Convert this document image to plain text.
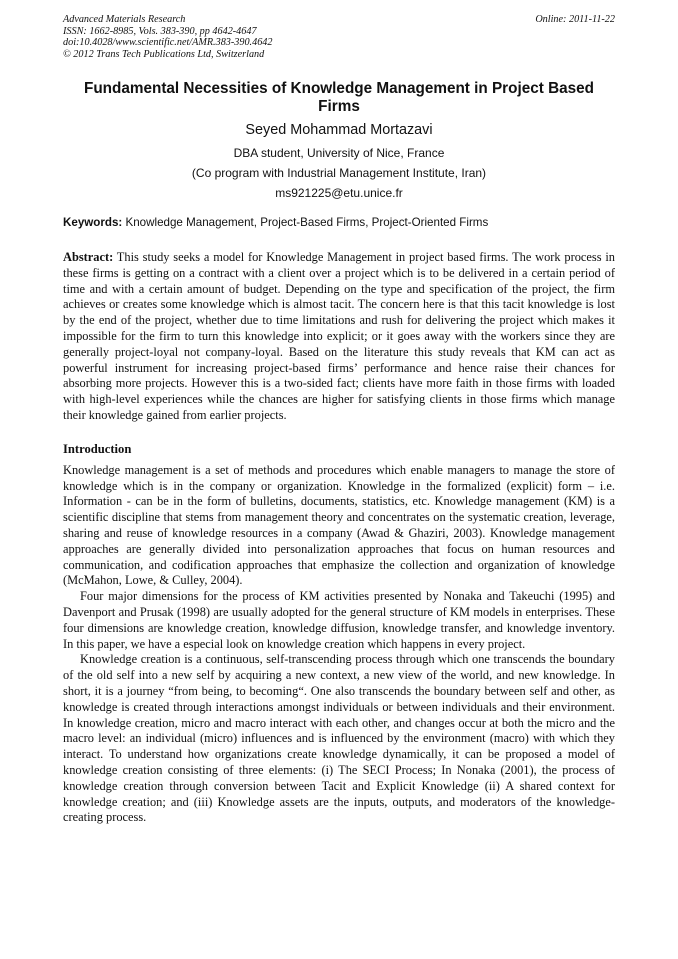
Advanced Materials Research
ISSN: 1662-8985, Vols. 383-390, pp 4642-4647
doi:10.4028/www.scientific.net/AMR.383-390.4642
© 2012 Trans Tech Publications Ltd, Switzerland
Online: 2011-11-22
Fundamental Necessities of Knowledge Management in Project Based Firms
Seyed Mohammad Mortazavi
DBA student, University of Nice, France
(Co program with Industrial Management Institute, Iran)
ms921225@etu.unice.fr
Keywords: Knowledge Management, Project-Based Firms, Project-Oriented Firms
Abstract: This study seeks a model for Knowledge Management in project based firms. The work process in these firms is getting on a contract with a client over a project which is to be delivered in a certain period of time and with a certain amount of budget. Depending on the type and specification of the project, the firm achieves or creates some knowledge which is almost tacit. The concern here is that this tacit knowledge is lost by the end of the project, whether due to time limitations and rush for delivering the project which makes it impossible for the firm to turn this knowledge into explicit; or it goes away with the workers since they are generally project-loyal not company-loyal. Based on the literature this study reveals that KM can act as powerful instrument for increasing project-based firms’ performance and hence raise their chances for absorbing more projects. However this is a two-sided fact; clients have more faith in those firms with loaded with high-level experiences while the chances are higher for satisfying clients in those firms which manage their knowledge gained from earlier projects.
Introduction
Knowledge management is a set of methods and procedures which enable managers to manage the store of knowledge which is in the company or organization. Knowledge in the formalized (explicit) form – i.e. Information - can be in the form of bulletins, documents, statistics, etc. Knowledge management (KM) is a scientific discipline that stems from management theory and concentrates on the systematic creation, leverage, sharing and reuse of knowledge resources in a company (Awad & Ghaziri, 2003). Knowledge management approaches are generally divided into personalization approaches that focus on human resources and communication, and codification approaches that emphasize the collection and organization of knowledge (McMahon, Lowe, & Culley, 2004).
Four major dimensions for the process of KM activities presented by Nonaka and Takeuchi (1995) and Davenport and Prusak (1998) are usually adopted for the general structure of KM models in enterprises. These four dimensions are knowledge creation, knowledge diffusion, knowledge transfer, and knowledge inventory. In this paper, we have a especial look on knowledge creation which happens in every project.
Knowledge creation is a continuous, self-transcending process through which one transcends the boundary of the old self into a new self by acquiring a new context, a new view of the world, and new knowledge. In short, it is a journey “from being, to becoming“. One also transcends the boundary between self and other, as knowledge is created through interactions amongst individuals or between individuals and their environment. In knowledge creation, micro and macro interact with each other, and changes occur at both the micro and the macro level: an individual (micro) influences and is influenced by the environment (macro) with which they interact. To understand how organizations create knowledge dynamically, it can be proposed a model of knowledge creation consisting of three elements: (i) The SECI Process; In Nonaka (2001), the process of knowledge creation through conversion between Tacit and Explicit Knowledge (ii) A shared context for knowledge creation; and (iii) Knowledge assets are the inputs, outputs, and moderators of the knowledge-creating process.
